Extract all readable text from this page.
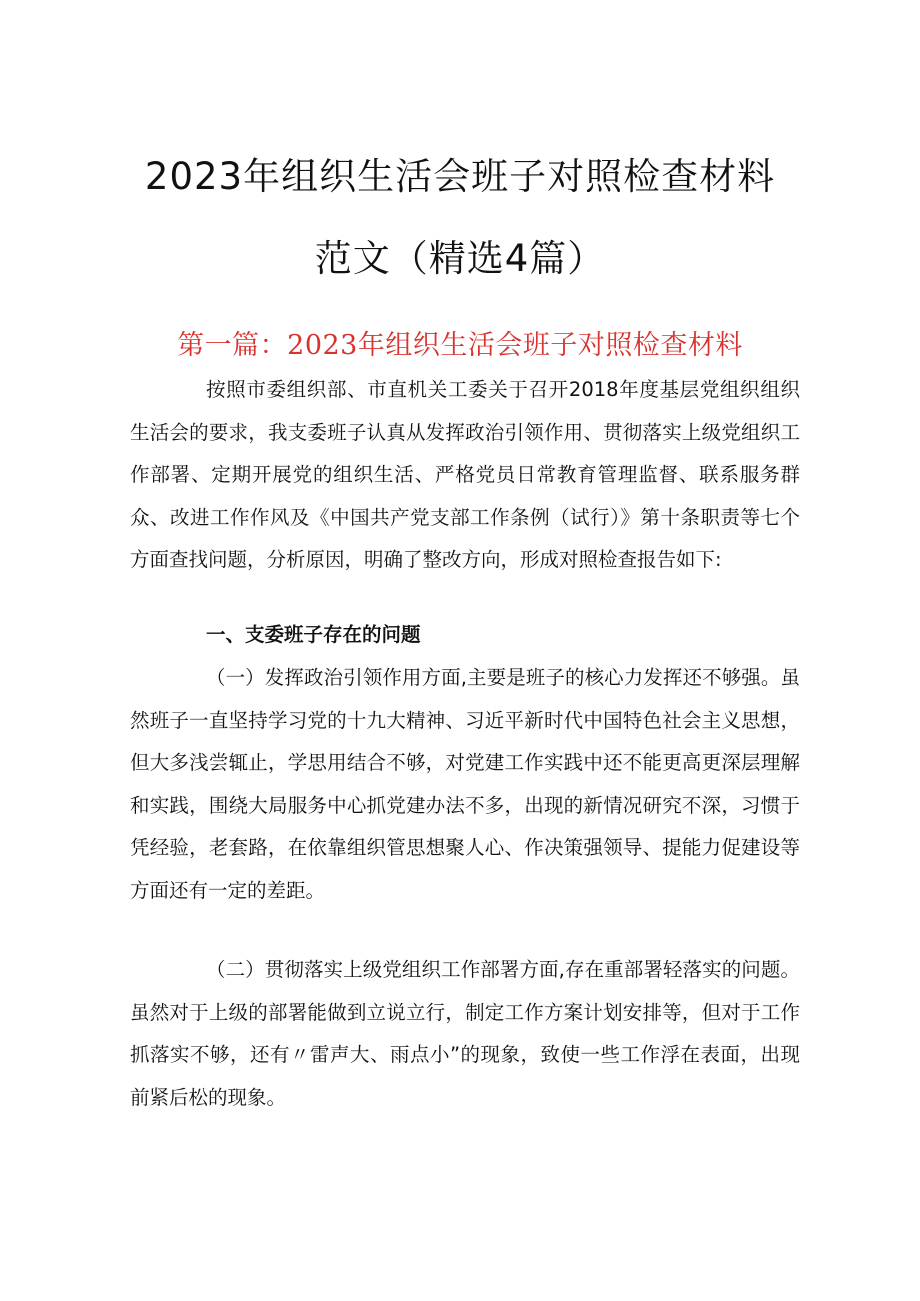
2023年组织生活会班子对照检查材料
范文（精选4篇）
第一篇：2023年组织生活会班子对照检查材料
按照市委组织部、市直机关工委关于召开2018年度基层党组织组织生活会的要求，我支委班子认真从发挥政治引领作用、贯彻落实上级党组织工作部署、定期开展党的组织生活、严格党员日常教育管理监督、联系服务群众、改进工作作风及《中国共产党支部工作条例（试行）》第十条职责等七个方面查找问题，分析原因，明确了整改方向，形成对照检查报告如下:
一、支委班子存在的问题
（一）发挥政治引领作用方面,主要是班子的核心力发挥还不够强。虽然班子一直坚持学习党的十九大精神、习近平新时代中国特色社会主义思想，但大多浅尝辄止，学思用结合不够，对党建工作实践中还不能更高更深层理解和实践，围绕大局服务中心抓党建办法不多，出现的新情况研究不深，习惯于凭经验，老套路，在依靠组织管思想聚人心、作决策强领导、提能力促建设等方面还有一定的差距。
（二）贯彻落实上级党组织工作部署方面,存在重部署轻落实的问题。虽然对于上级的部署能做到立说立行，制定工作方案计划安排等，但对于工作抓落实不够，还有〃雷声大、雨点小”的现象，致使一些工作浮在表面，出现前紧后松的现象。
